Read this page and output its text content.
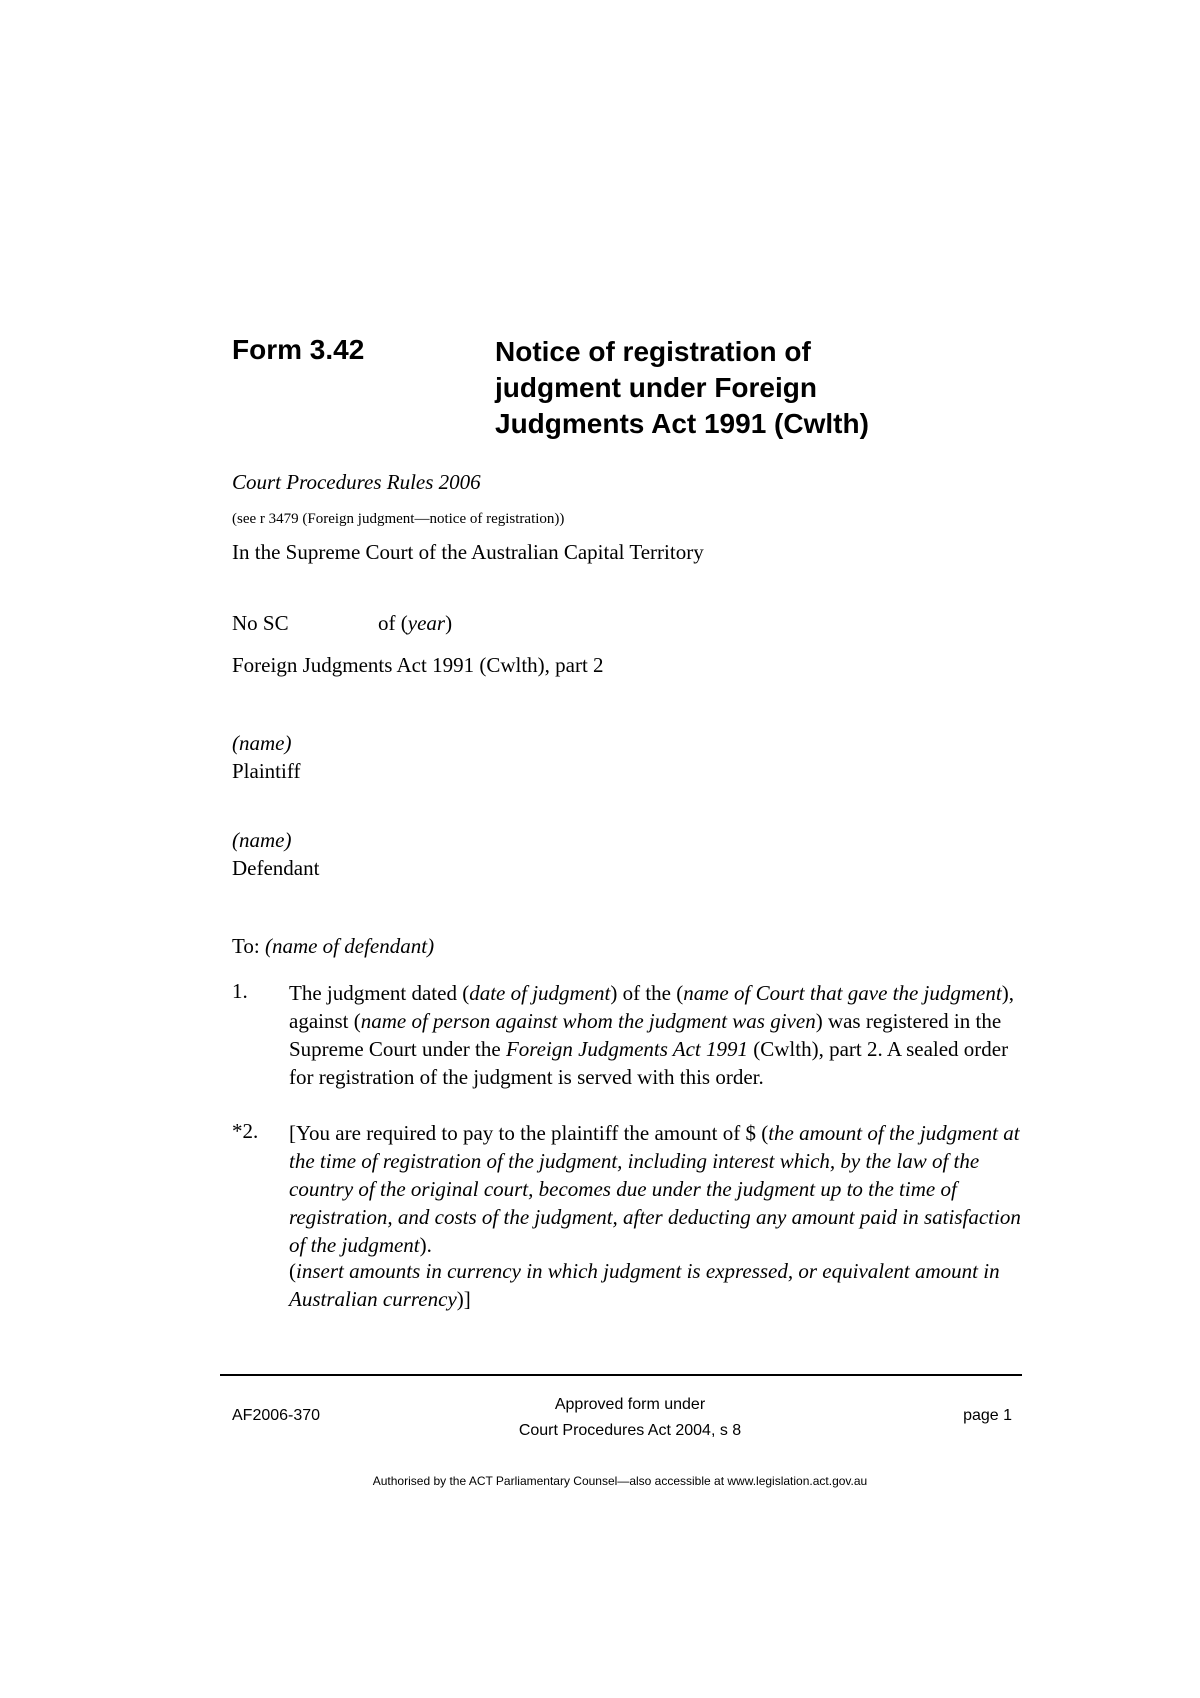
Form 3.42	Notice of registration of
judgment under Foreign
Judgments Act 1991 (Cwlth)
Court Procedures Rules 2006
(see r 3479 (Foreign judgment—notice of registration))
In the Supreme Court of the Australian Capital Territory
No SC	of (year)
Foreign Judgments Act 1991 (Cwlth), part 2
(name)
Plaintiff
(name)
Defendant
To: (name of defendant)
1. The judgment dated (date of judgment) of the (name of Court that gave the judgment), against (name of person against whom the judgment was given) was registered in the Supreme Court under the Foreign Judgments Act 1991 (Cwlth), part 2. A sealed order for registration of the judgment is served with this order.
*2. [You are required to pay to the plaintiff the amount of $ (the amount of the judgment at the time of registration of the judgment, including interest which, by the law of the country of the original court, becomes due under the judgment up to the time of registration, and costs of the judgment, after deducting any amount paid in satisfaction of the judgment).
(insert amounts in currency in which judgment is expressed, or equivalent amount in Australian currency)]
AF2006-370
Approved form under
Court Procedures Act 2004, s 8
page 1
Authorised by the ACT Parliamentary Counsel—also accessible at www.legislation.act.gov.au
